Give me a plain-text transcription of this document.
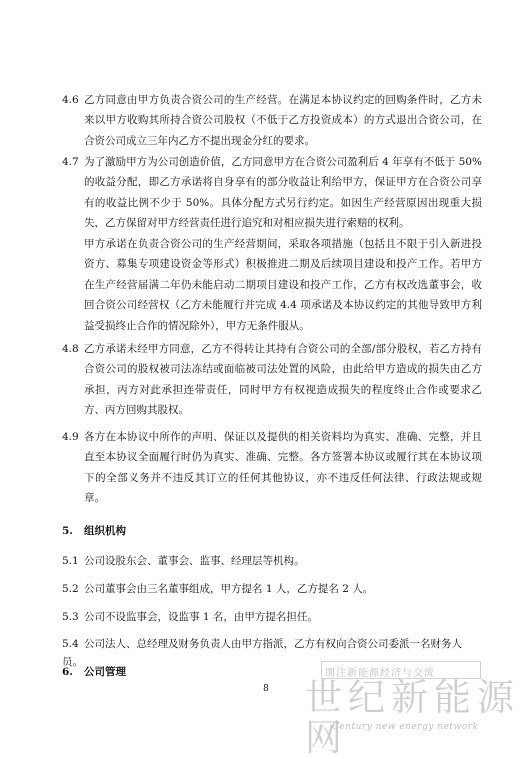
4.6 乙方同意由甲方负责合资公司的生产经营。在满足本协议约定的回购条件时，乙方未来以甲方收购其所持合资公司股权（不低于乙方投资成本）的方式退出合资公司，在合资公司成立三年内乙方不提出现金分红的要求。
4.7 为了激励甲方为公司创造价值，乙方同意甲方在合资公司盈利后 4 年享有不低于 50% 的收益分配，即乙方承诺将自身享有的部分收益让利给甲方，保证甲方在合资公司享有的收益比例不少于 50%。具体分配方式另行约定。如因生产经营原因出现重大损失，乙方保留对甲方经营责任进行追究和对相应损失进行索赔的权利。
甲方承诺在负责合资公司的生产经营期间，采取各项措施（包括且不限于引入新进投资方、募集专项建设资金等形式）积极推进二期及后续项目建设和投产工作。若甲方在生产经营届满二年仍未能启动二期项目建设和投产工作，乙方有权改选董事会，收回合资公司经营权（乙方未能履行并完成 4.4 项承诺及本协议约定的其他导致甲方利益受损终止合作的情况除外），甲方无条件服从。
4.8 乙方承诺未经甲方同意，乙方不得转让其持有合资公司的全部/部分股权，若乙方持有合资公司的股权被司法冻结或面临被司法处置的风险，由此给甲方造成的损失由乙方承担，丙方对此承担连带责任，同时甲方有权视造成损失的程度终止合作或要求乙方、丙方回购其股权。
4.9 各方在本协议中所作的声明、保证以及提供的相关资料均为真实、准确、完整，并且直至本协议全面履行时仍为真实、准确、完整。各方签署本协议或履行其在本协议项下的全部义务并不违反其订立的任何其他协议，亦不违反任何法律、行政法规或规章。
5. 组织机构
5.1 公司设股东会、董事会、监事、经理层等机构。
5.2 公司董事会由三名董事组成，甲方提名 1 人，乙方提名 2 人。
5.3 公司不设监事会，设监事 1 名，由甲方提名担任。
5.4 公司法人、总经理及财务负责人由甲方指派，乙方有权向合资公司委派一名财务人员。
6. 公司管理
8
関注新能源经济与交流
世纪新能源网
Century new energy network
